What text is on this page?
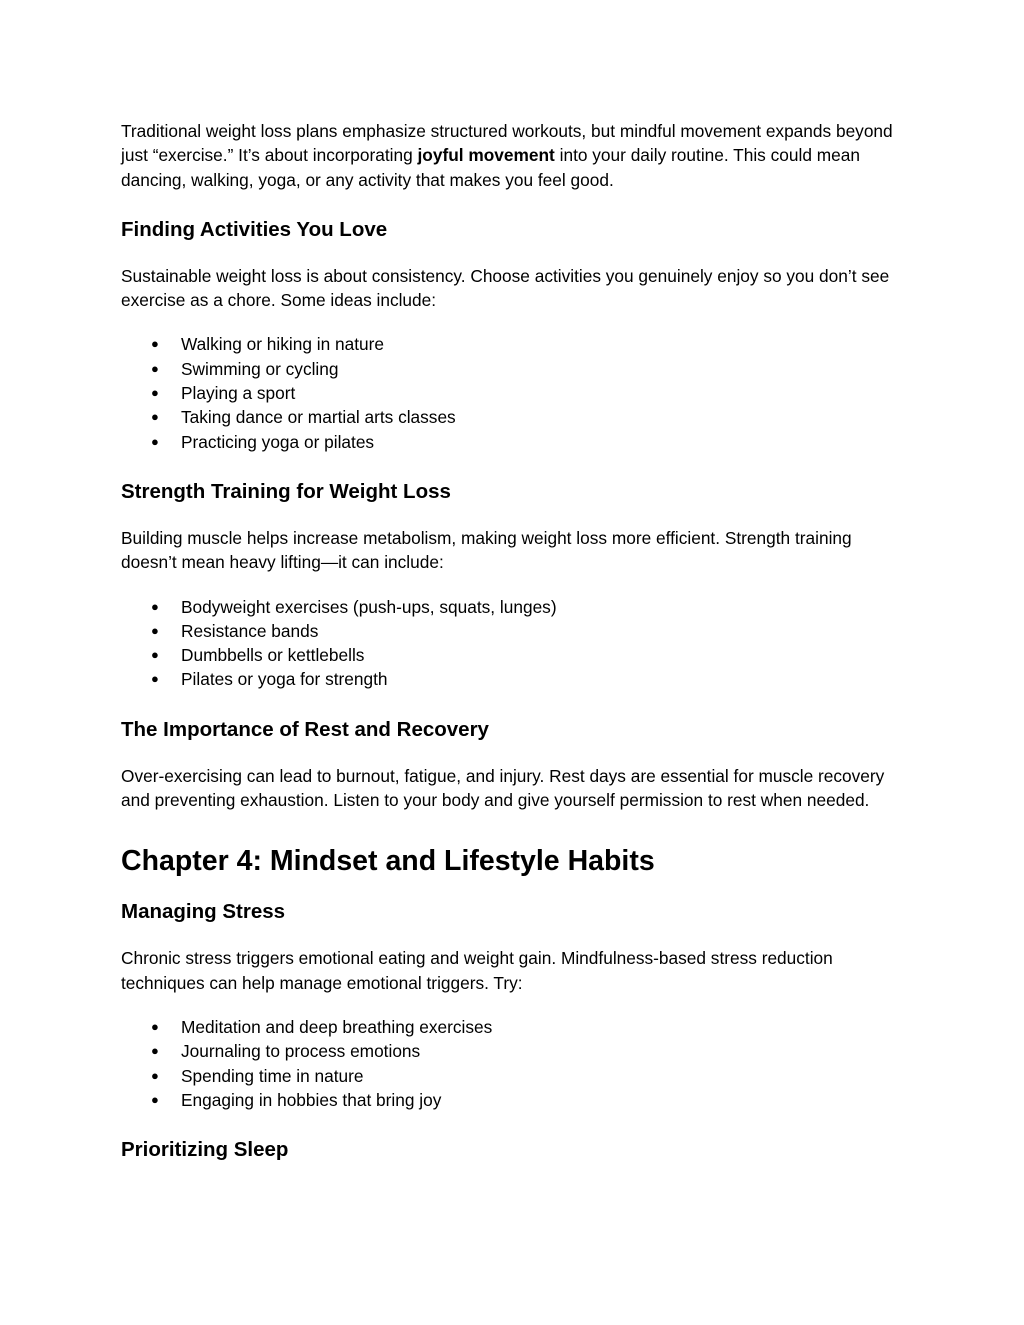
Traditional weight loss plans emphasize structured workouts, but mindful movement expands beyond just “exercise.” It’s about incorporating joyful movement into your daily routine. This could mean dancing, walking, yoga, or any activity that makes you feel good.

Finding Activities You Love

Sustainable weight loss is about consistency. Choose activities you genuinely enjoy so you don’t see exercise as a chore. Some ideas include:

● Walking or hiking in nature
● Swimming or cycling
● Playing a sport
● Taking dance or martial arts classes
● Practicing yoga or pilates
Strength Training for Weight Loss

Building muscle helps increase metabolism, making weight loss more efficient. Strength training doesn’t mean heavy lifting—it can include:

● Bodyweight exercises (push-ups, squats, lunges)
● Resistance bands
● Dumbbells or kettlebells
● Pilates or yoga for strength
The Importance of Rest and Recovery

Over-exercising can lead to burnout, fatigue, and injury. Rest days are essential for muscle recovery and preventing exhaustion. Listen to your body and give yourself permission to rest when needed.

Chapter 4: Mindset and Lifestyle Habits
Managing Stress

Chronic stress triggers emotional eating and weight gain. Mindfulness-based stress reduction techniques can help manage emotional triggers. Try:

● Meditation and deep breathing exercises
● Journaling to process emotions
● Spending time in nature
● Engaging in hobbies that bring joy
Prioritizing Sleep
